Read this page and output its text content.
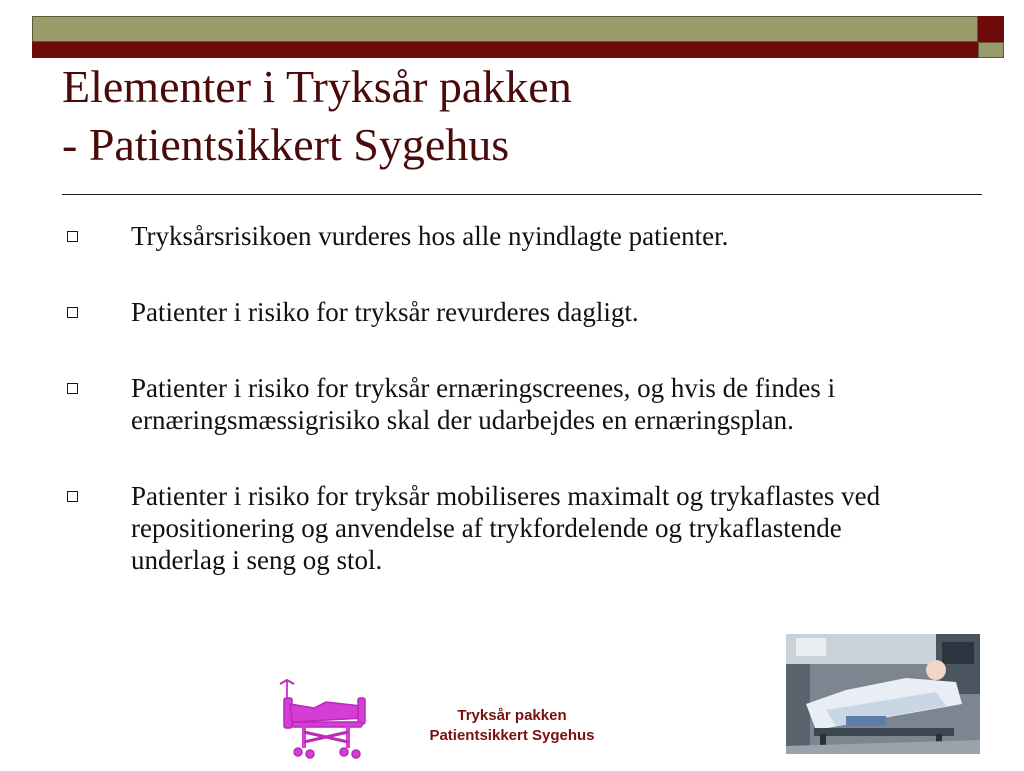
Elementer i Tryksår pakken
- Patientsikkert Sygehus
Tryksårsrisikoen vurderes hos alle nyindlagte patienter.
Patienter i risiko for tryksår revurderes dagligt.
Patienter i risiko for tryksår ernæringscreenes, og hvis de findes i ernæringsmæssigrisiko skal der udarbejdes en ernæringsplan.
Patienter i risiko for tryksår mobiliseres maximalt og trykaflastes ved repositionering og anvendelse af trykfordelende og trykaflastende underlag i seng og stol.
Tryksår pakken
Patientsikkert Sygehus
